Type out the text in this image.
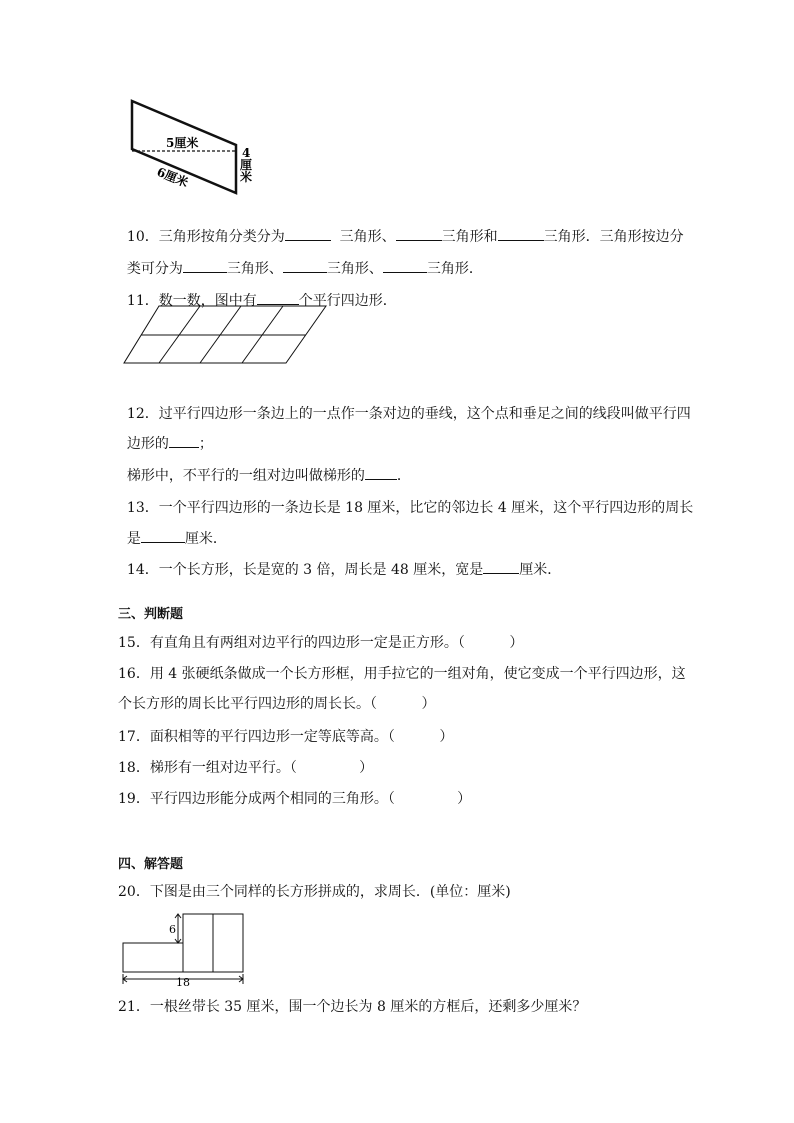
5厘米
6厘米
4
厘
米

10．三角形按角分类分为	三角形、	三角形和	三角形．三角形按边分

类可分为	三角形、	三角形、	三角形．

11．数一数，图中有	个平行四边形．

12．过平行四边形一条边上的一点作一条对边的垂线，这个点和垂足之间的线段叫做平行四

边形的 ；

梯形中，不平行的一组对边叫做梯形的 ．

13．一个平行四边形的一条边长是 18 厘米，比它的邻边长 4 厘米，这个平行四边形的周长

是	厘米．

14．一个长方形，长是宽的 3 倍，周长是 48 厘米，宽是	厘米．

三、判断题
15．有直角且有两组对边平行的四边形一定是正方形。（          ）
16．用 4 张硬纸条做成一个长方形框，用手拉它的一组对角，使它变成一个平行四边形，这
个长方形的周长比平行四边形的周长长。（          ）
17．面积相等的平行四边形一定等底等高。（          ）
18．梯形有一组对边平行。（              ）
19．平行四边形能分成两个相同的三角形。（              ）
四、解答题
20．下图是由三个同样的长方形拼成的，求周长．(单位：厘米)
6
18
21．一根丝带长 35 厘米，围一个边长为 8 厘米的方框后，还剩多少厘米？
